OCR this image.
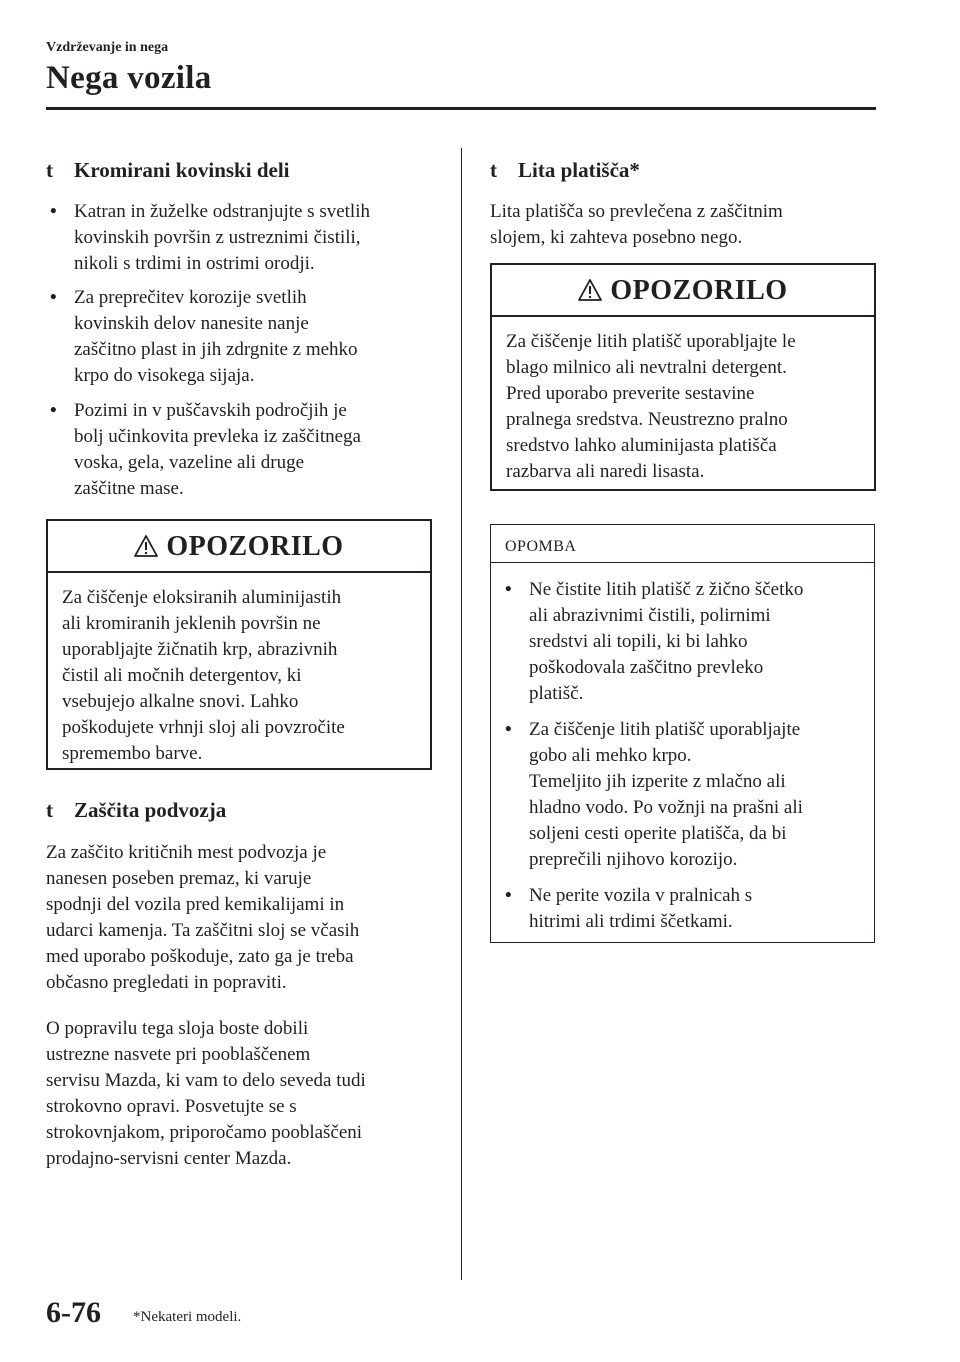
Vzdrževanje in nega
Nega vozila
t Kromirani kovinski deli
• Katran in žuželke odstranjujte s svetlih
kovinskih površin z ustreznimi čistili,
nikoli s trdimi in ostrimi orodji.
• Za preprečitev korozije svetlih
kovinskih delov nanesite nanje
zaščitno plast in jih zdrgnite z mehko
krpo do visokega sijaja.
• Pozimi in v puščavskih področjih je
bolj učinkovita prevleka iz zaščitnega
voska, gela, vazeline ali druge
zaščitne mase.
OPOZORILO
Za čiščenje eloksiranih aluminijastih
ali kromiranih jeklenih površin ne
uporabljajte žičnatih krp, abrazivnih
čistil ali močnih detergentov, ki
vsebujejo alkalne snovi. Lahko
poškodujete vrhnji sloj ali povzročite
spremembo barve.
t Zaščita podvozja
Za zaščito kritičnih mest podvozja je
nanesen poseben premaz, ki varuje
spodnji del vozila pred kemikalijami in
udarci kamenja. Ta zaščitni sloj se včasih
med uporabo poškoduje, zato ga je treba
občasno pregledati in popraviti.
O popravilu tega sloja boste dobili
ustrezne nasvete pri pooblaščenem
servisu Mazda, ki vam to delo seveda tudi
strokovno opravi. Posvetujte se s
strokovnjakom, priporočamo pooblaščeni
prodajno-servisni center Mazda.
t Lita platišča*
Lita platišča so prevlečena z zaščitnim
slojem, ki zahteva posebno nego.
OPOZORILO
Za čiščenje litih platišč uporabljajte le
blago milnico ali nevtralni detergent.
Pred uporabo preverite sestavine
pralnega sredstva. Neustrezno pralno
sredstvo lahko aluminijasta platišča
razbarva ali naredi lisasta.
OPOMBA
• Ne čistite litih platišč z žično ščetko
ali abrazivnimi čistili, polirnimi
sredstvi ali topili, ki bi lahko
poškodovala zaščitno prevleko
platišč.
• Za čiščenje litih platišč uporabljajte
gobo ali mehko krpo.
Temeljito jih izperite z mlačno ali
hladno vodo. Po vožnji na prašni ali
soljeni cesti operite platišča, da bi
preprečili njihovo korozijo.
• Ne perite vozila v pralnicah s
hitrimi ali trdimi ščetkami.
6-76 *Nekateri modeli.
